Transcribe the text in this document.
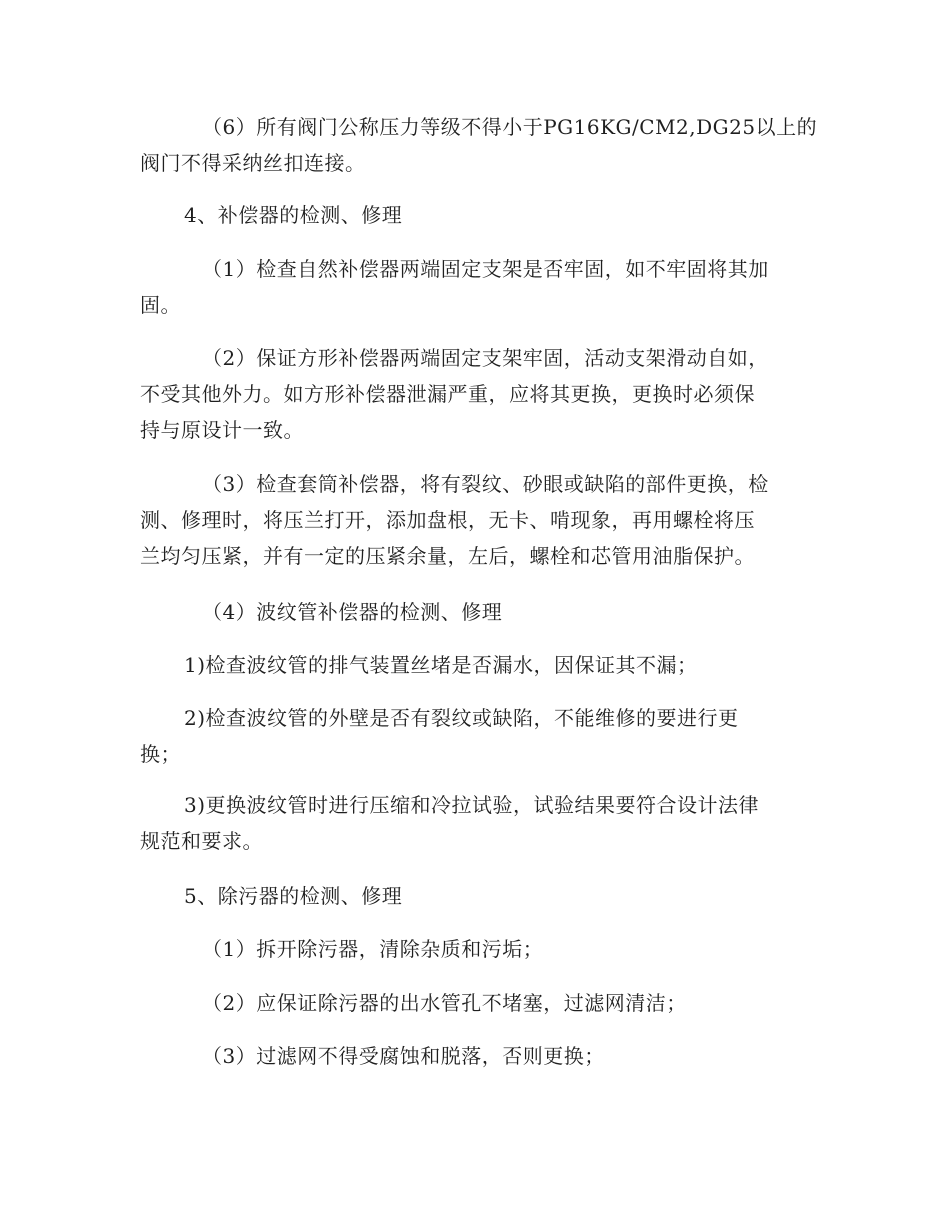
（6）所有阀门公称压力等级不得小于PG16KG/CM2,DG25以上的
阀门不得采纳丝扣连接。

4、补偿器的检测、修理

（1）检查自然补偿器两端固定支架是否牢固，如不牢固将其加
固。

（2）保证方形补偿器两端固定支架牢固，活动支架滑动自如，
不受其他外力。如方形补偿器泄漏严重，应将其更换，更换时必须保
持与原设计一致。

（3）检查套筒补偿器，将有裂纹、砂眼或缺陷的部件更换，检
测、修理时，将压兰打开，添加盘根，无卡、啃现象，再用螺栓将压
兰均匀压紧，并有一定的压紧余量，左后，螺栓和芯管用油脂保护。

（4）波纹管补偿器的检测、修理

1)检查波纹管的排气装置丝堵是否漏水，因保证其不漏；

2)检查波纹管的外壁是否有裂纹或缺陷，不能维修的要进行更
换；

3)更换波纹管时进行压缩和冷拉试验，试验结果要符合设计法律
规范和要求。

5、除污器的检测、修理

（1）拆开除污器，清除杂质和污垢；

（2）应保证除污器的出水管孔不堵塞，过滤网清洁；

（3）过滤网不得受腐蚀和脱落，否则更换；
